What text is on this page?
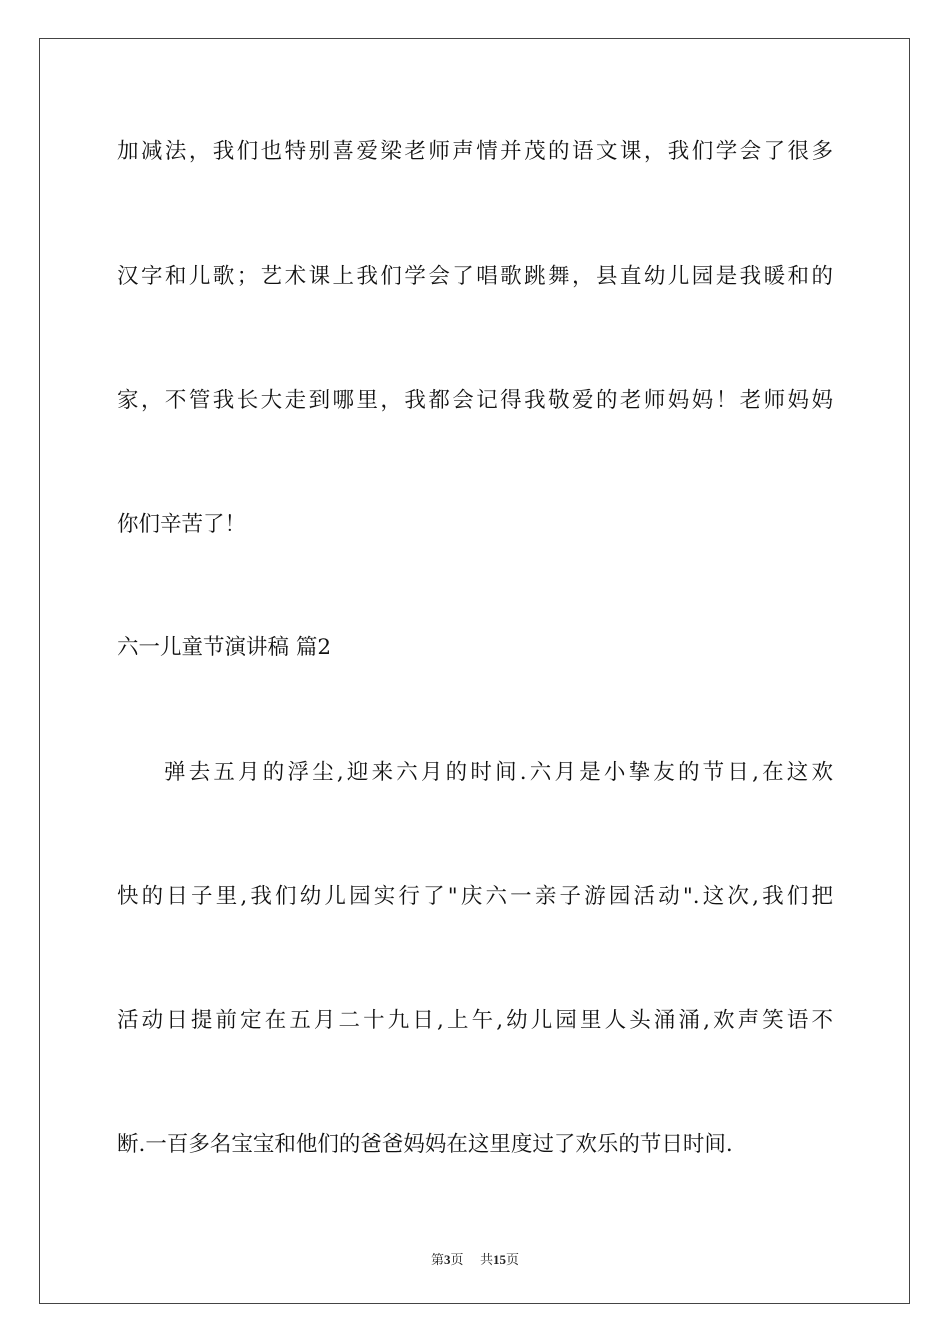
加减法，我们也特别喜爱梁老师声情并茂的语文课，我们学会了很多
汉字和儿歌；艺术课上我们学会了唱歌跳舞，县直幼儿园是我暖和的
家，不管我长大走到哪里，我都会记得我敬爱的老师妈妈！老师妈妈
你们辛苦了！
六一儿童节演讲稿 篇2
弹去五月的浮尘,迎来六月的时间.六月是小挚友的节日,在这欢
快的日子里,我们幼儿园实行了"庆六一亲子游园活动".这次,我们把
活动日提前定在五月二十九日,上午,幼儿园里人头涌涌,欢声笑语不
断.一百多名宝宝和他们的爸爸妈妈在这里度过了欢乐的节日时间.
第3页 共15页
